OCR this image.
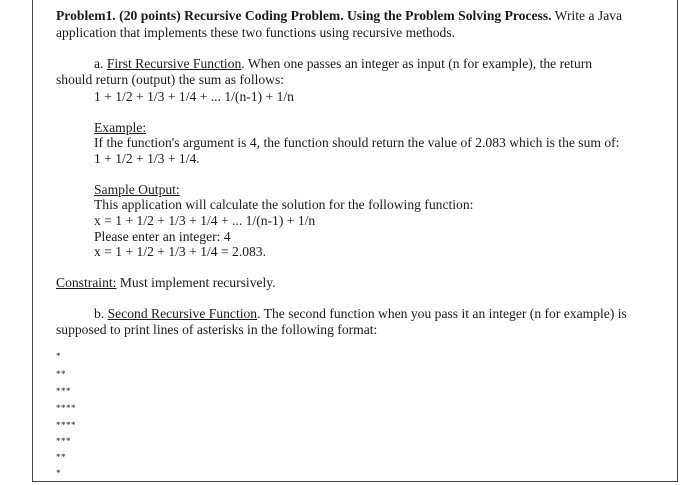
Problem1. (20 points) Recursive Coding Problem. Using the Problem Solving Process. Write a Java
application that implements these two functions using recursive methods.
a. First Recursive Function. When one passes an integer as input (n for example), the return
should return (output) the sum as follows:
1 + 1/2 + 1/3 + 1/4 + ... 1/(n-1) + 1/n
Example:
If the function's argument is 4, the function should return the value of 2.083 which is the sum of:
1 + 1/2 + 1/3 + 1/4.
Sample Output:
This application will calculate the solution for the following function:
x = 1 + 1/2 + 1/3 + 1/4 + ... 1/(n-1) + 1/n
Please enter an integer: 4
x = 1 + 1/2 + 1/3 + 1/4 = 2.083.
Constraint: Must implement recursively.
b. Second Recursive Function. The second function when you pass it an integer (n for example) is
supposed to print lines of asterisks in the following format:
*
**
***
****
****
***
**
*
